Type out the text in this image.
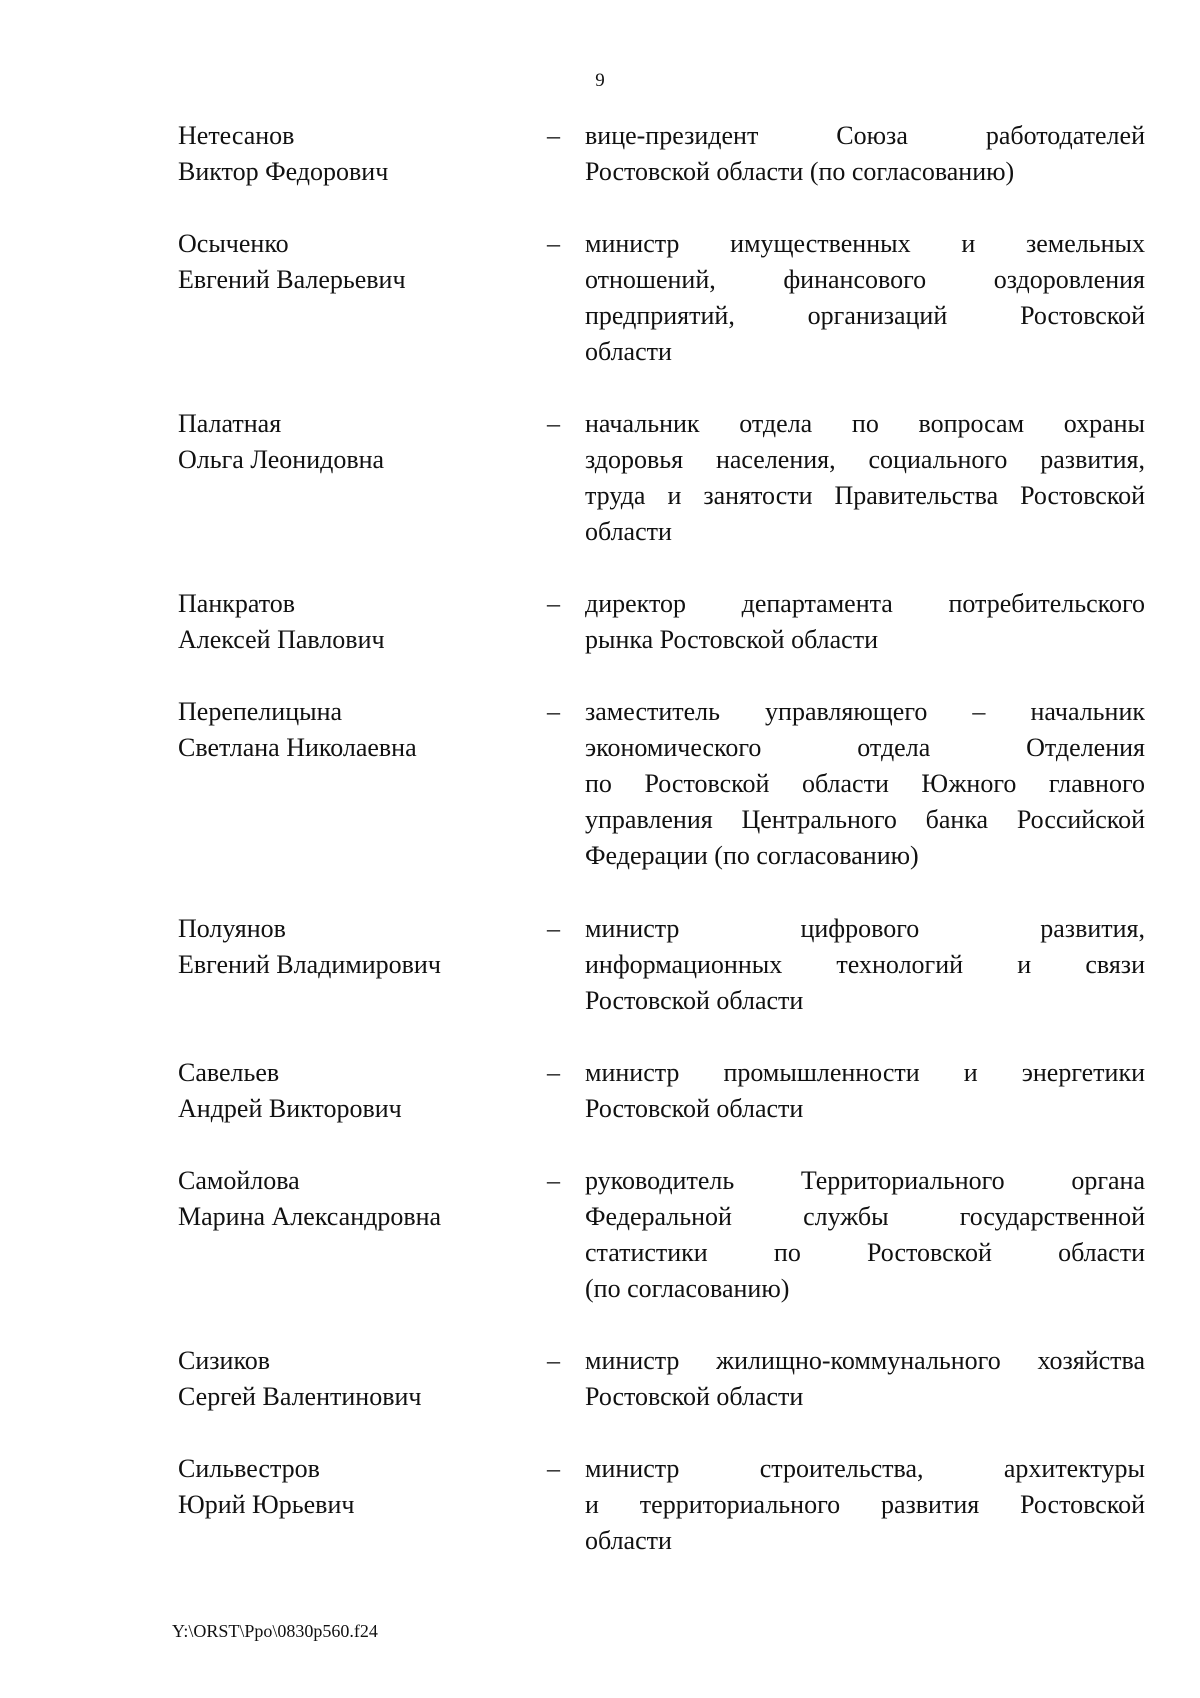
9
Нетесанов
Виктор Федорович
– вице-президент Союза работодателей
Ростовской области (по согласованию)
Осыченко
Евгений Валерьевич
– министр имущественных и земельных
отношений, финансового оздоровления
предприятий, организаций Ростовской
области
Палатная
Ольга Леонидовна
– начальник отдела по вопросам охраны
здоровья населения, социального развития,
труда и занятости Правительства Ростовской
области
Панкратов
Алексей Павлович
– директор департамента потребительского
рынка Ростовской области
Перепелицына
Светлана Николаевна
– заместитель управляющего – начальник
экономического отдела Отделения
по Ростовской области Южного главного
управления Центрального банка Российской
Федерации (по согласованию)
Полуянов
Евгений Владимирович
– министр цифрового развития,
информационных технологий и связи
Ростовской области
Савельев
Андрей Викторович
– министр промышленности и энергетики
Ростовской области
Самойлова
Марина Александровна
– руководитель Территориального органа
Федеральной службы государственной
статистики по Ростовской области
(по согласованию)
Сизиков
Сергей Валентинович
– министр жилищно-коммунального хозяйства
Ростовской области
Сильвестров
Юрий Юрьевич
– министр строительства, архитектуры
и территориального развития Ростовской
области
Y:\ORST\Ppo\0830p560.f24
